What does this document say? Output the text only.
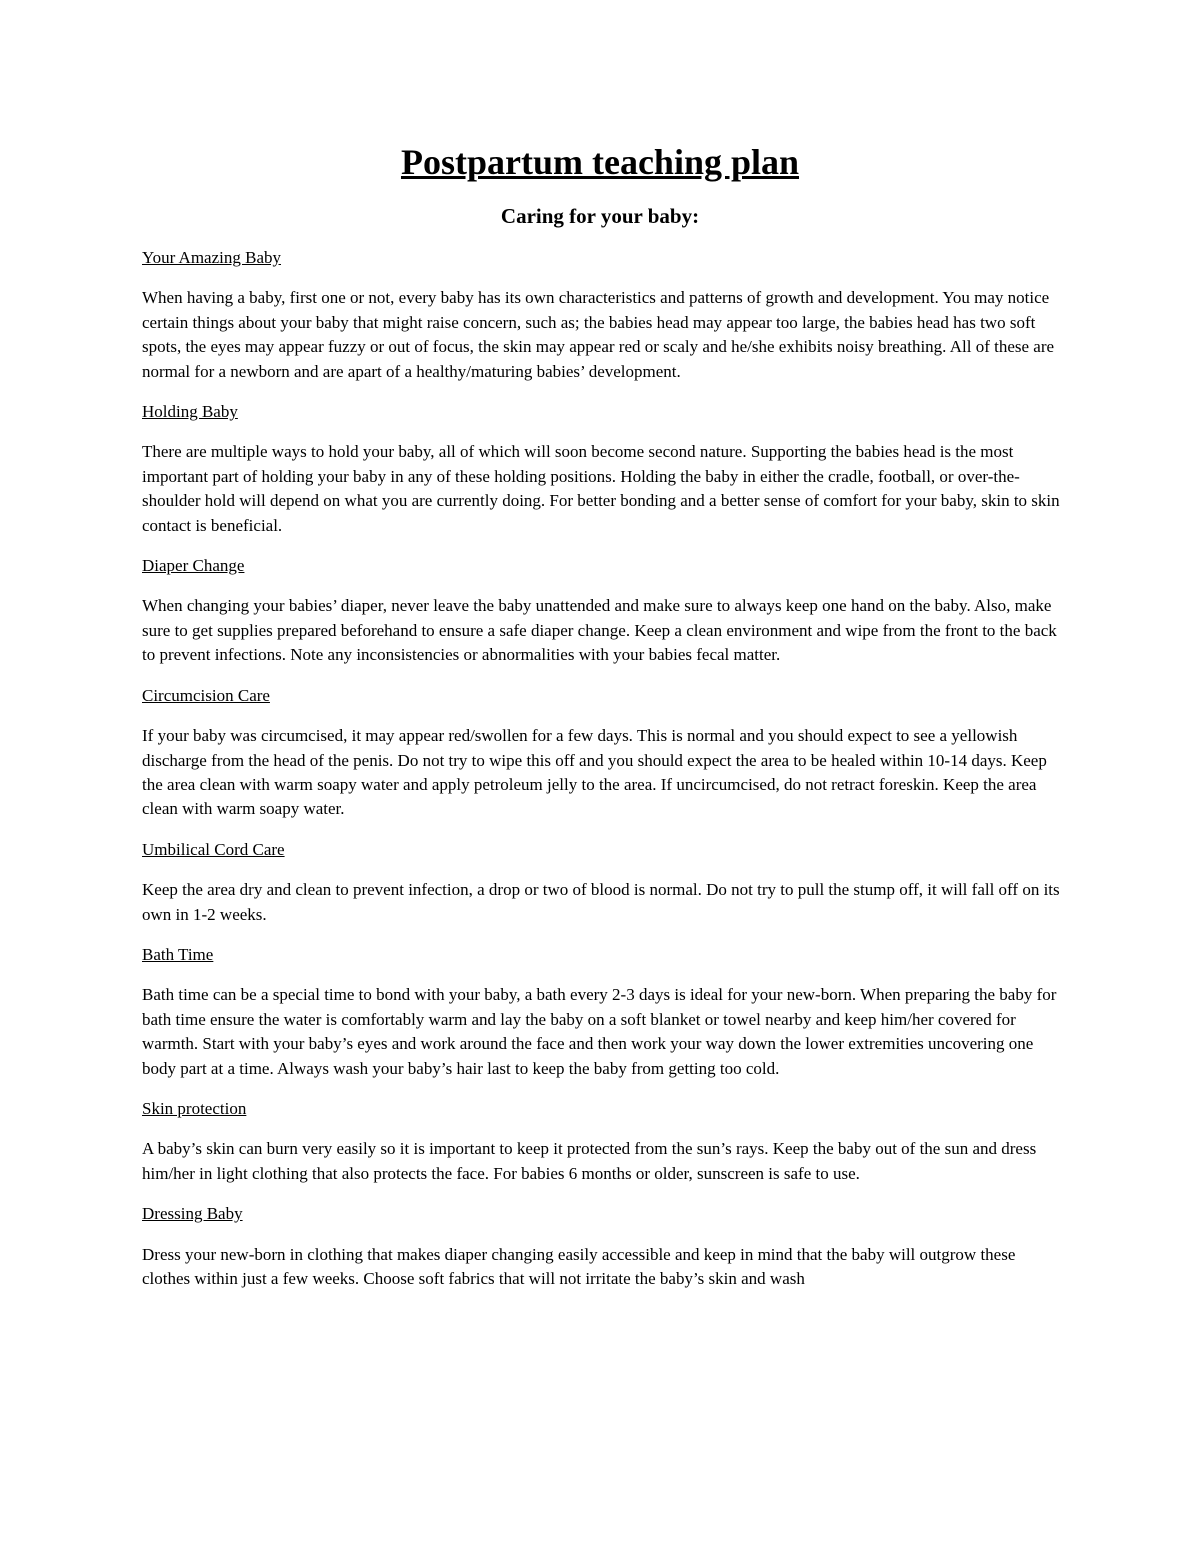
Postpartum teaching plan
Caring for your baby:

Your Amazing Baby

When having a baby, first one or not, every baby has its own characteristics and patterns of growth and development. You may notice certain things about your baby that might raise concern, such as; the babies head may appear too large, the babies head has two soft spots, the eyes may appear fuzzy or out of focus, the skin may appear red or scaly and he/she exhibits noisy breathing. All of these are normal for a newborn and are apart of a healthy/maturing babies’ development.

Holding Baby

There are multiple ways to hold your baby, all of which will soon become second nature. Supporting the babies head is the most important part of holding your baby in any of these holding positions. Holding the baby in either the cradle, football, or over-the-shoulder hold will depend on what you are currently doing. For better bonding and a better sense of comfort for your baby, skin to skin contact is beneficial.

Diaper Change

When changing your babies’ diaper, never leave the baby unattended and make sure to always keep one hand on the baby. Also, make sure to get supplies prepared beforehand to ensure a safe diaper change. Keep a clean environment and wipe from the front to the back to prevent infections. Note any inconsistencies or abnormalities with your babies fecal matter.

Circumcision Care

If your baby was circumcised, it may appear red/swollen for a few days. This is normal and you should expect to see a yellowish discharge from the head of the penis. Do not try to wipe this off and you should expect the area to be healed within 10-14 days. Keep the area clean with warm soapy water and apply petroleum jelly to the area. If uncircumcised, do not retract foreskin. Keep the area clean with warm soapy water.

Umbilical Cord Care

Keep the area dry and clean to prevent infection, a drop or two of blood is normal. Do not try to pull the stump off, it will fall off on its own in 1-2 weeks.

Bath Time

Bath time can be a special time to bond with your baby, a bath every 2-3 days is ideal for your new-born. When preparing the baby for bath time ensure the water is comfortably warm and lay the baby on a soft blanket or towel nearby and keep him/her covered for warmth. Start with your baby’s eyes and work around the face and then work your way down the lower extremities uncovering one body part at a time. Always wash your baby’s hair last to keep the baby from getting too cold.

Skin protection

A baby’s skin can burn very easily so it is important to keep it protected from the sun’s rays. Keep the baby out of the sun and dress him/her in light clothing that also protects the face. For babies 6 months or older, sunscreen is safe to use.

Dressing Baby

Dress your new-born in clothing that makes diaper changing easily accessible and keep in mind that the baby will outgrow these clothes within just a few weeks. Choose soft fabrics that will not irritate the baby’s skin and wash
